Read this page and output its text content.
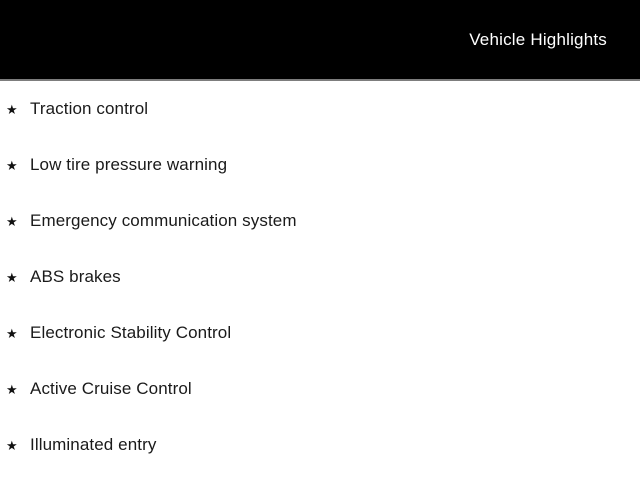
Vehicle Highlights
★ Traction control
★ Low tire pressure warning
★ Emergency communication system
★ ABS brakes
★ Electronic Stability Control
★ Active Cruise Control
★ Illuminated entry
